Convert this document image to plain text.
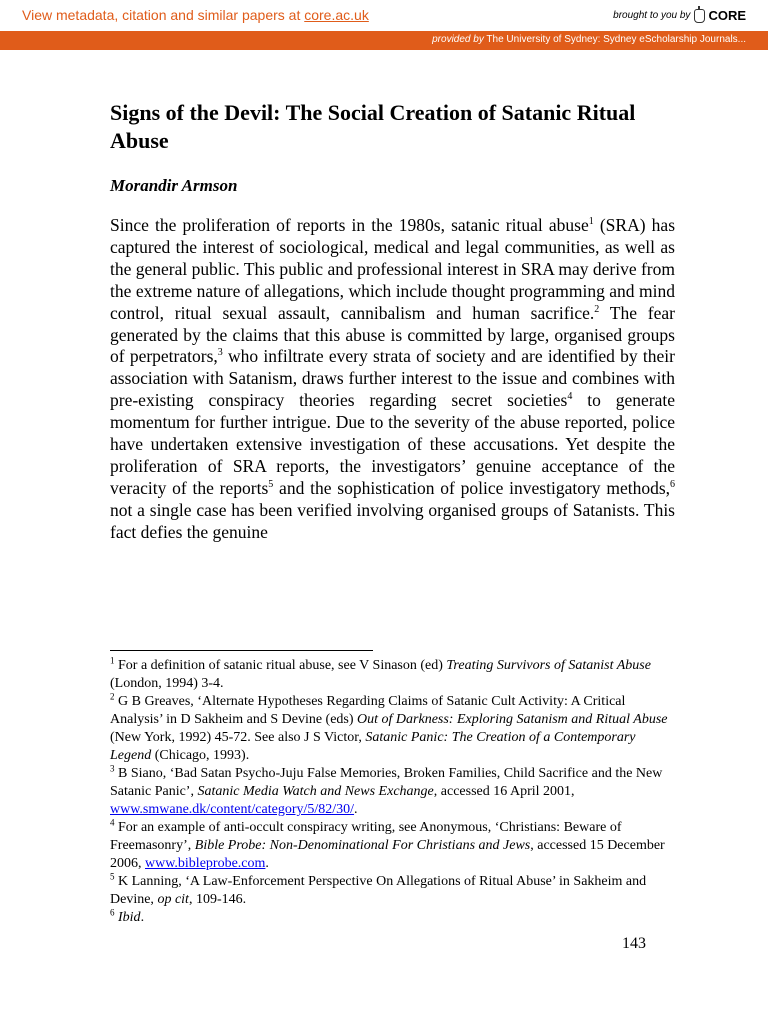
View metadata, citation and similar papers at core.ac.uk	brought to you by CORE
provided by The University of Sydney: Sydney eScholarship Journals...
Signs of the Devil: The Social Creation of Satanic Ritual Abuse

Morandir Armson

Since the proliferation of reports in the 1980s, satanic ritual abuse$^1$ (SRA) has captured the interest of sociological, medical and legal communities, as well as the general public. This public and professional interest in SRA may derive from the extreme nature of allegations, which include thought programming and mind control, ritual sexual assault, cannibalism and human sacrifice.$^2$ The fear generated by the claims that this abuse is committed by large, organised groups of perpetrators,$^3$ who infiltrate every strata of society and are identified by their association with Satanism, draws further interest to the issue and combines with pre-existing conspiracy theories regarding secret societies$^4$ to generate momentum for further intrigue. Due to the severity of the abuse reported, police have undertaken extensive investigation of these accusations. Yet despite the proliferation of SRA reports, the investigators’ genuine acceptance of the veracity of the reports$^5$ and the sophistication of police investigatory methods,$^6$ not a single case has been verified involving organised groups of Satanists. This fact defies the genuine

$^1$ For a definition of satanic ritual abuse, see V Sinason (ed) Treating Survivors of Satanist Abuse (London, 1994) 3-4.

$^2$ G B Greaves, ‘Alternate Hypotheses Regarding Claims of Satanic Cult Activity: A Critical Analysis’ in D Sakheim and S Devine (eds) Out of Darkness: Exploring Satanism and Ritual Abuse (New York, 1992) 45-72. See also J S Victor, Satanic Panic: The Creation of a Contemporary Legend (Chicago, 1993).

$^3$ B Siano, ‘Bad Satan Psycho-Juju False Memories, Broken Families, Child Sacrifice and the New Satanic Panic’, Satanic Media Watch and News Exchange, accessed 16 April 2001, www.smwane.dk/content/category/5/82/30/.

$^4$ For an example of anti-occult conspiracy writing, see Anonymous, ‘Christians: Beware of Freemasonry’, Bible Probe: Non-Denominational For Christians and Jews, accessed 15 December 2006, www.bibleprobe.com.

$^5$ K Lanning, ‘A Law-Enforcement Perspective On Allegations of Ritual Abuse’ in Sakheim and Devine, op cit, 109-146.

$^6$ Ibid.

143
